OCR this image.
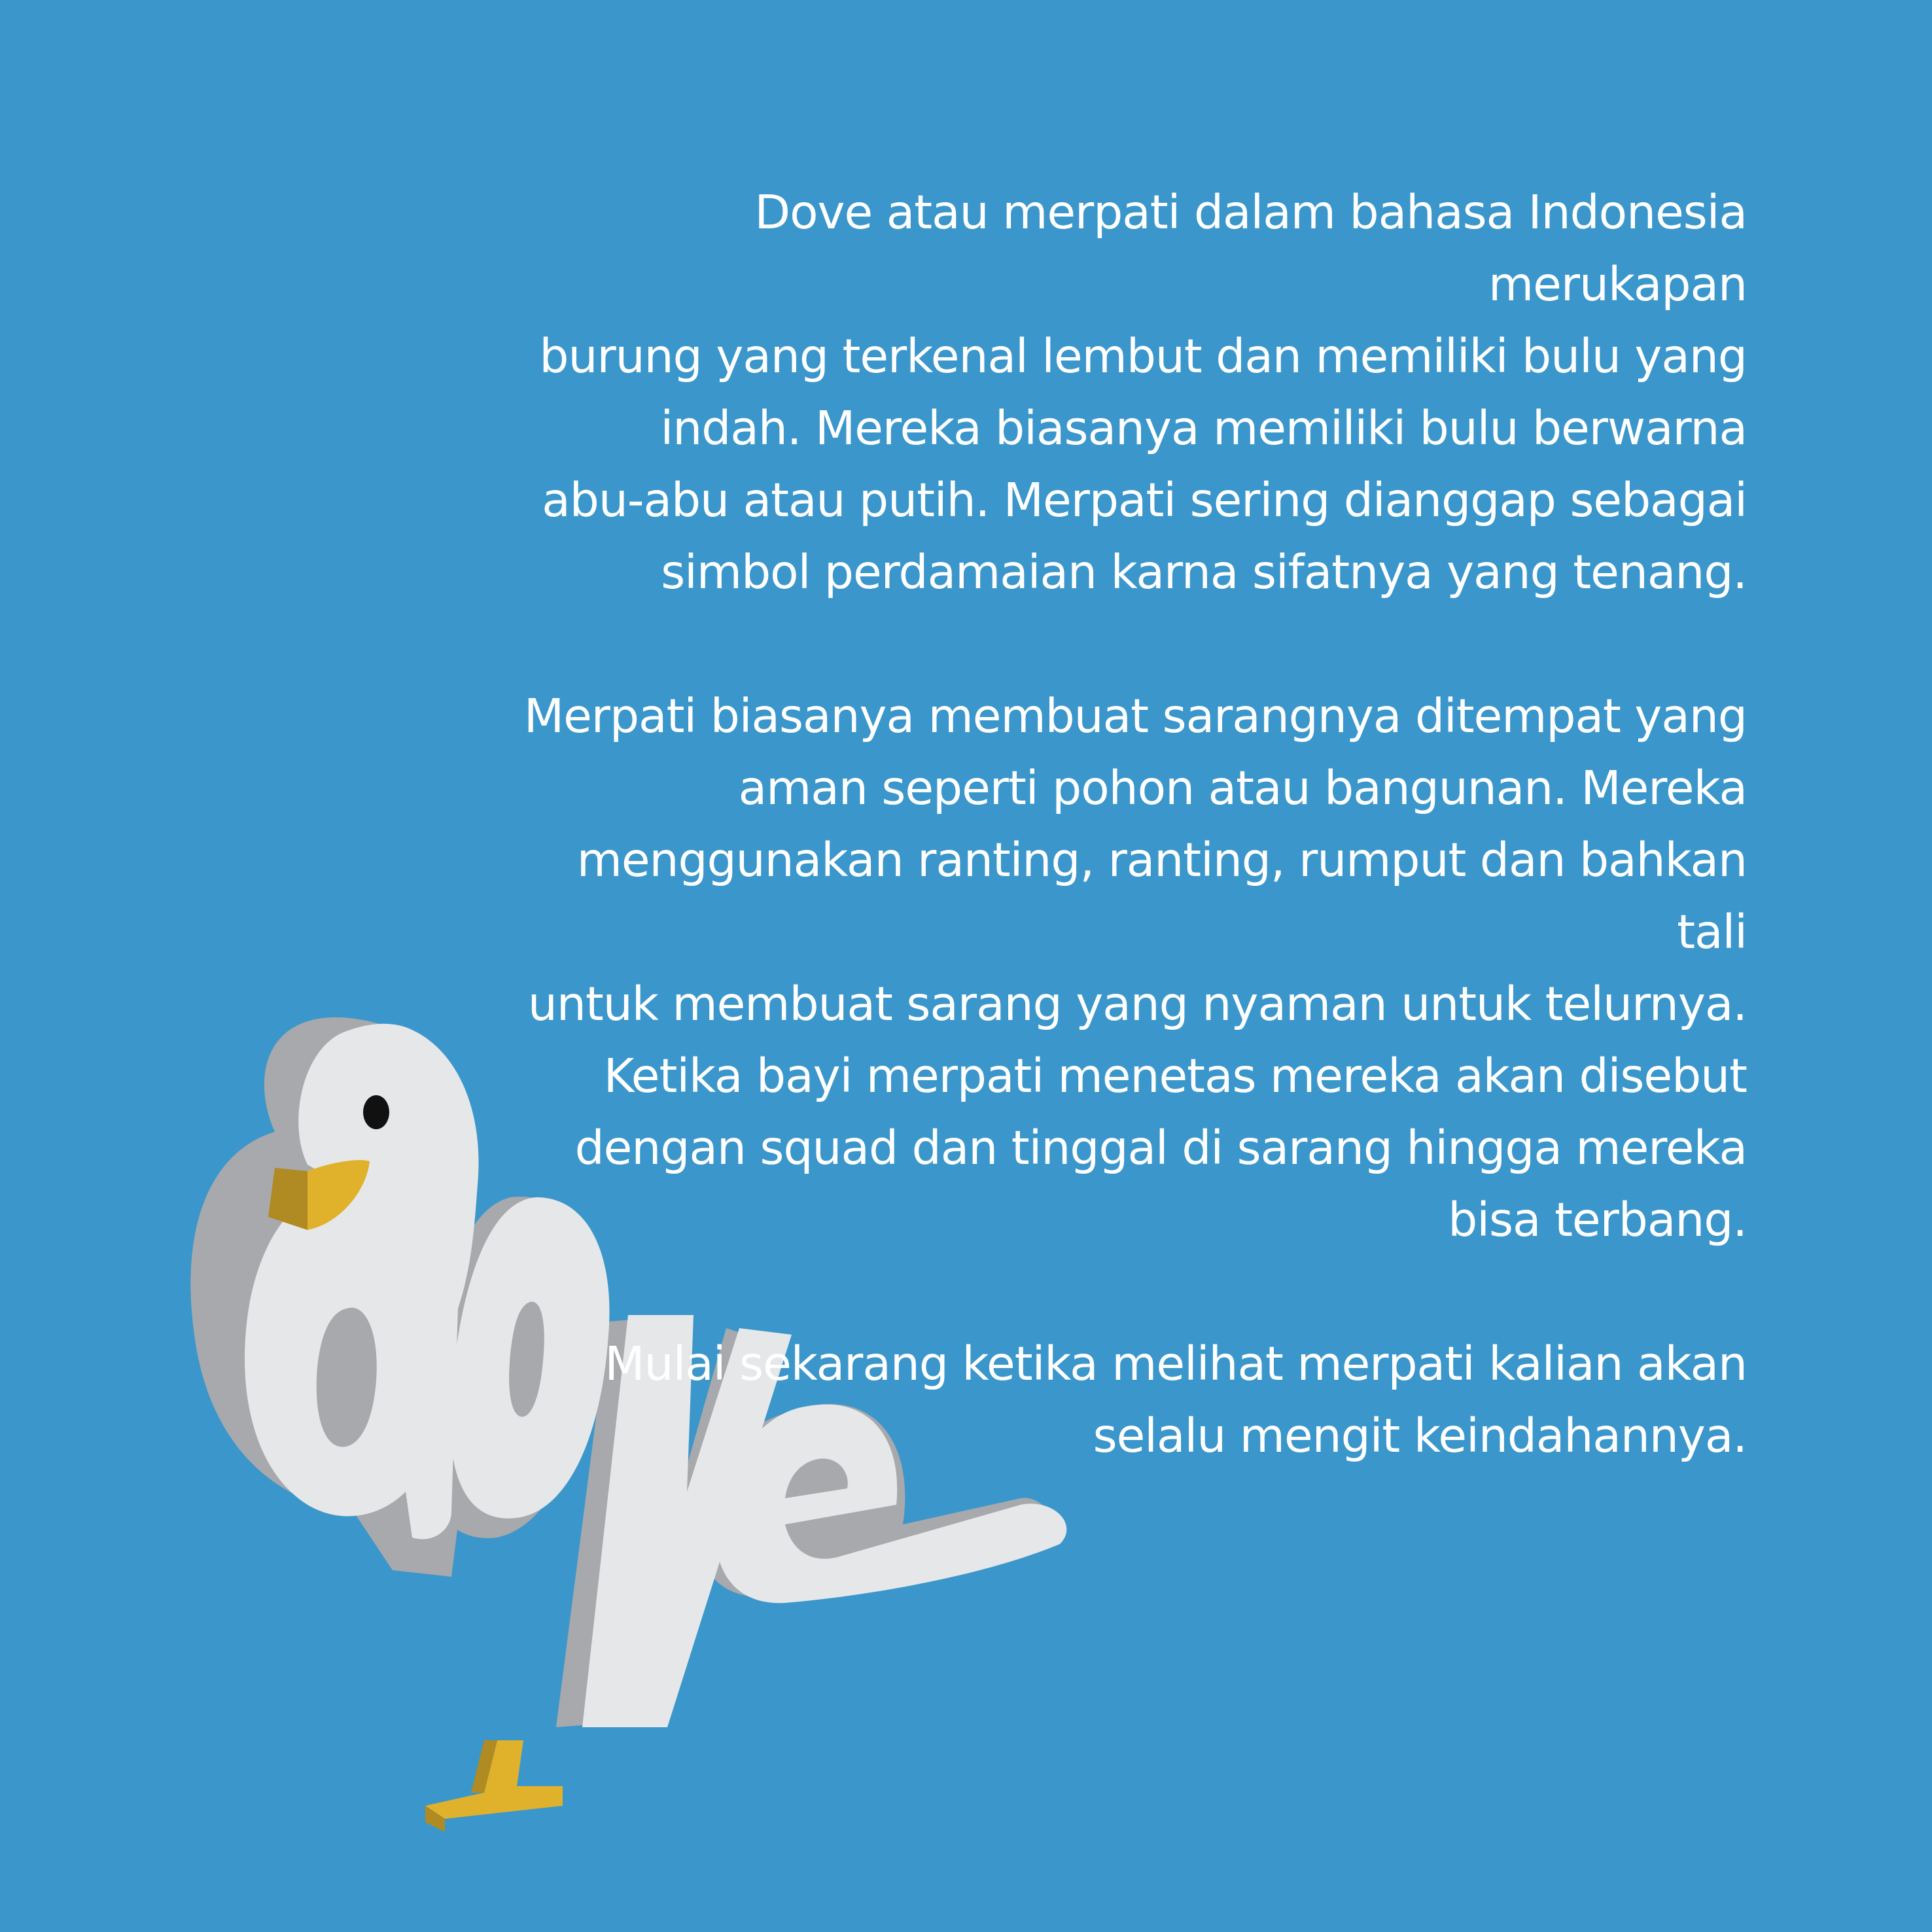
Dove atau merpati dalam bahasa Indonesia merukapan
burung yang terkenal lembut dan memiliki bulu yang
indah. Mereka biasanya memiliki bulu berwarna
abu-abu atau putih. Merpati sering dianggap sebagai
simbol perdamaian karna sifatnya yang tenang.

Merpati biasanya membuat sarangnya ditempat yang
aman seperti pohon atau bangunan. Mereka
menggunakan ranting, ranting, rumput dan bahkan tali
untuk membuat sarang yang nyaman untuk telurnya.
Ketika bayi merpati menetas mereka akan disebut
dengan squad dan tinggal di sarang hingga mereka
bisa terbang.

Mulai sekarang ketika melihat merpati kalian akan
selalu mengit keindahannya.
